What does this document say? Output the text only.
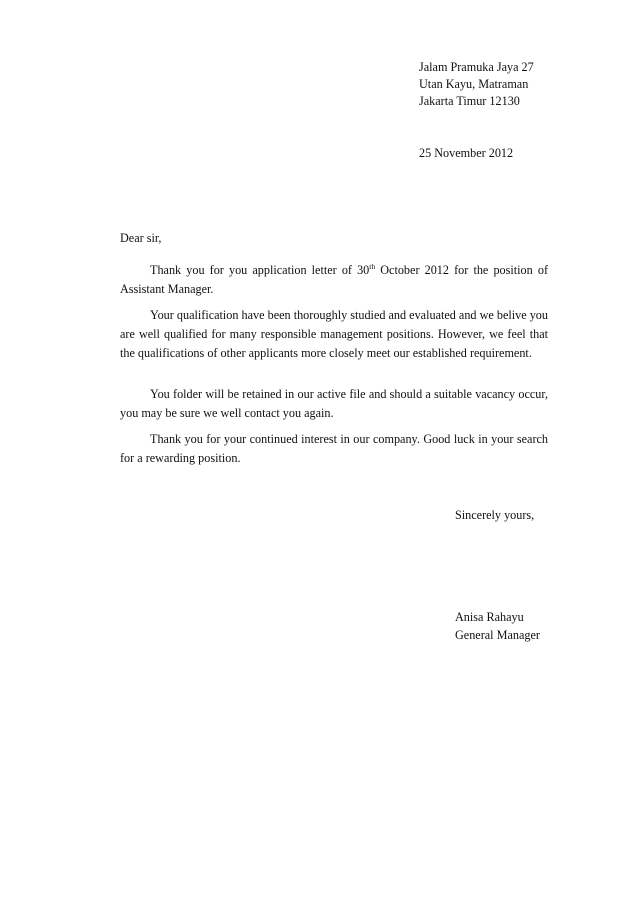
Jalam Pramuka Jaya 27
Utan Kayu, Matraman
Jakarta Timur 12130
25 November 2012
Dear sir,

Thank you for you application letter of 30th October 2012 for the position of Assistant Manager.

Your qualification have been thoroughly studied and evaluated and we belive you are well qualified for many responsible management positions. However, we feel that the qualifications of other applicants more closely meet our established requirement.

You folder will be retained in our active file and should a suitable vacancy occur, you may be sure we well contact you again.

Thank you for your continued interest in our company. Good luck in your search for a rewarding position.

Sincerely yours,
Anisa Rahayu
General Manager
